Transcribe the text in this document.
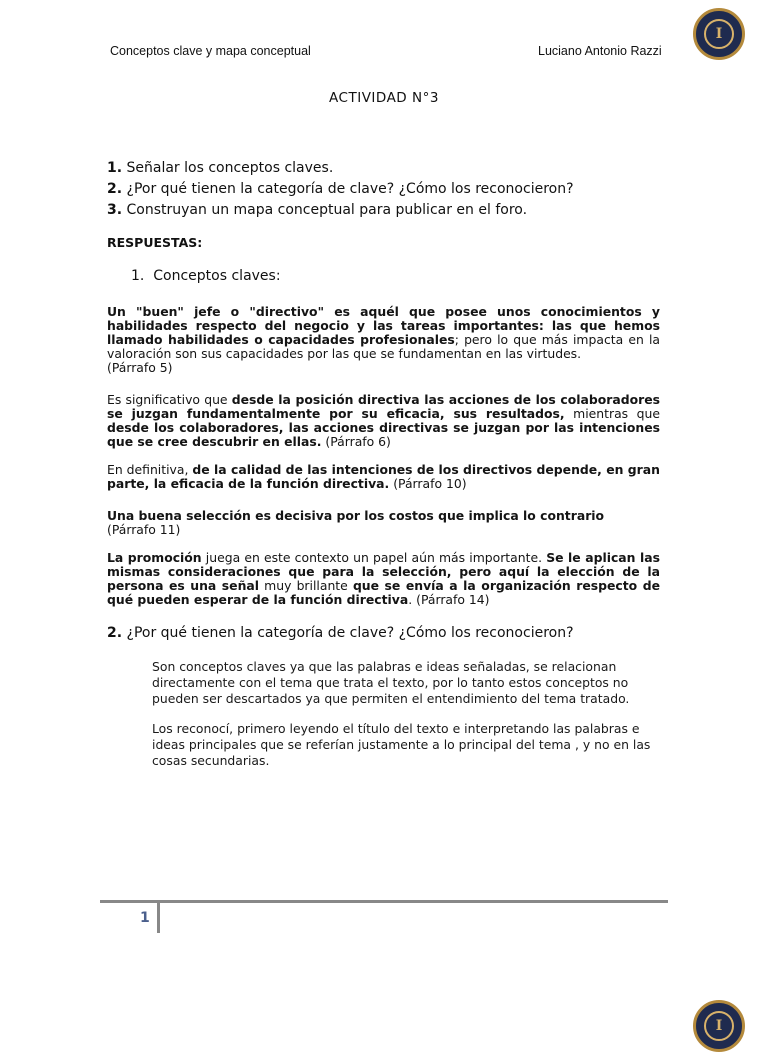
Conceptos clave y mapa conceptual	Luciano Antonio Razzi
I
ACTIVIDAD N°3
1. Señalar los conceptos claves.
2. ¿Por qué tienen la categoría de clave? ¿Cómo los reconocieron?
3. Construyan un mapa conceptual para publicar en el foro.
RESPUESTAS:
1. Conceptos claves:
Un "buen" jefe o "directivo" es aquél que posee unos conocimientos y habilidades respecto del negocio y las tareas importantes: las que hemos llamado habilidades o capacidades profesionales; pero lo que más impacta en la valoración son sus capacidades por las que se fundamentan en las virtudes.
(Párrafo 5)
Es significativo que desde la posición directiva las acciones de los colaboradores se juzgan fundamentalmente por su eficacia, sus resultados, mientras que desde los colaboradores, las acciones directivas se juzgan por las intenciones que se cree descubrir en ellas. (Párrafo 6)
En definitiva, de la calidad de las intenciones de los directivos depende, en gran parte, la eficacia de la función directiva. (Párrafo 10)
Una buena selección es decisiva por los costos que implica lo contrario
(Párrafo 11)
La promoción juega en este contexto un papel aún más importante. Se le aplican las mismas consideraciones que para la selección, pero aquí la elección de la persona es una señal muy brillante que se envía a la organización respecto de qué pueden esperar de la función directiva. (Párrafo 14)
2. ¿Por qué tienen la categoría de clave? ¿Cómo los reconocieron?
Son conceptos claves ya que las palabras e ideas señaladas, se relacionan directamente con el tema que trata el texto, por lo tanto estos conceptos no pueden ser descartados ya que permiten el entendimiento del tema tratado.
Los reconocí, primero leyendo el título del texto e interpretando las palabras e ideas principales que se referían justamente a lo principal del tema , y no en las cosas secundarias.
1
I
